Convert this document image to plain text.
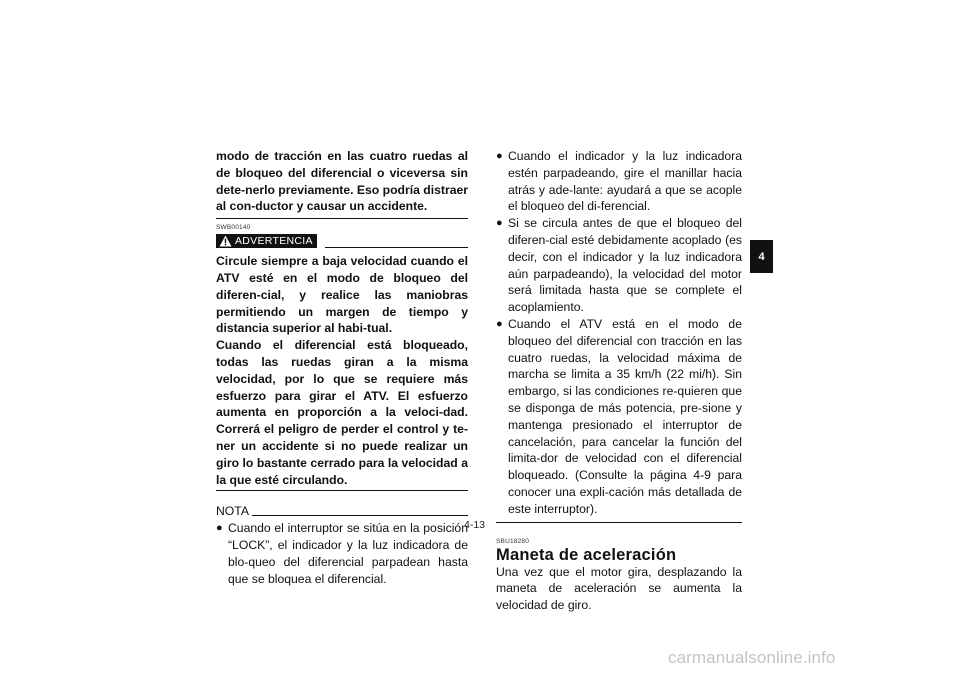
modo de tracción en las cuatro ruedas al de bloqueo del diferencial o viceversa sin dete-nerlo previamente. Eso podría distraer al con-ductor y causar un accidente.

SWB00140
ADVERTENCIA

Circule siempre a baja velocidad cuando el ATV esté en el modo de bloqueo del diferen-cial, y realice las maniobras permitiendo un margen de tiempo y distancia superior al habi-tual.

Cuando el diferencial está bloqueado, todas las ruedas giran a la misma velocidad, por lo que se requiere más esfuerzo para girar el ATV. El esfuerzo aumenta en proporción a la veloci-dad. Correrá el peligro de perder el control y te-ner un accidente si no puede realizar un giro lo bastante cerrado para la velocidad a la que esté circulando.

NOTA
● Cuando el interruptor se sitúa en la posición “LOCK”, el indicador y la luz indicadora de blo-queo del diferencial parpadean hasta que se bloquea el diferencial.
● Cuando el indicador y la luz indicadora estén parpadeando, gire el manillar hacia atrás y ade-lante: ayudará a que se acople el bloqueo del di-ferencial.
● Si se circula antes de que el bloqueo del diferen-cial esté debidamente acoplado (es decir, con el indicador y la luz indicadora aún parpadeando), la velocidad del motor será limitada hasta que se complete el acoplamiento.
● Cuando el ATV está en el modo de bloqueo del diferencial con tracción en las cuatro ruedas, la velocidad máxima de marcha se limita a 35 km/h (22 mi/h). Sin embargo, si las condiciones re-quieren que se disponga de más potencia, pre-sione y mantenga presionado el interruptor de cancelación, para cancelar la función del limita-dor de velocidad con el diferencial bloqueado. (Consulte la página 4-9 para conocer una expli-cación más detallada de este interruptor).
SBU18280
Maneta de aceleración

Una vez que el motor gira, desplazando la maneta de aceleración se aumenta la velocidad de giro.

4
4-13
carmanualsonline.info
